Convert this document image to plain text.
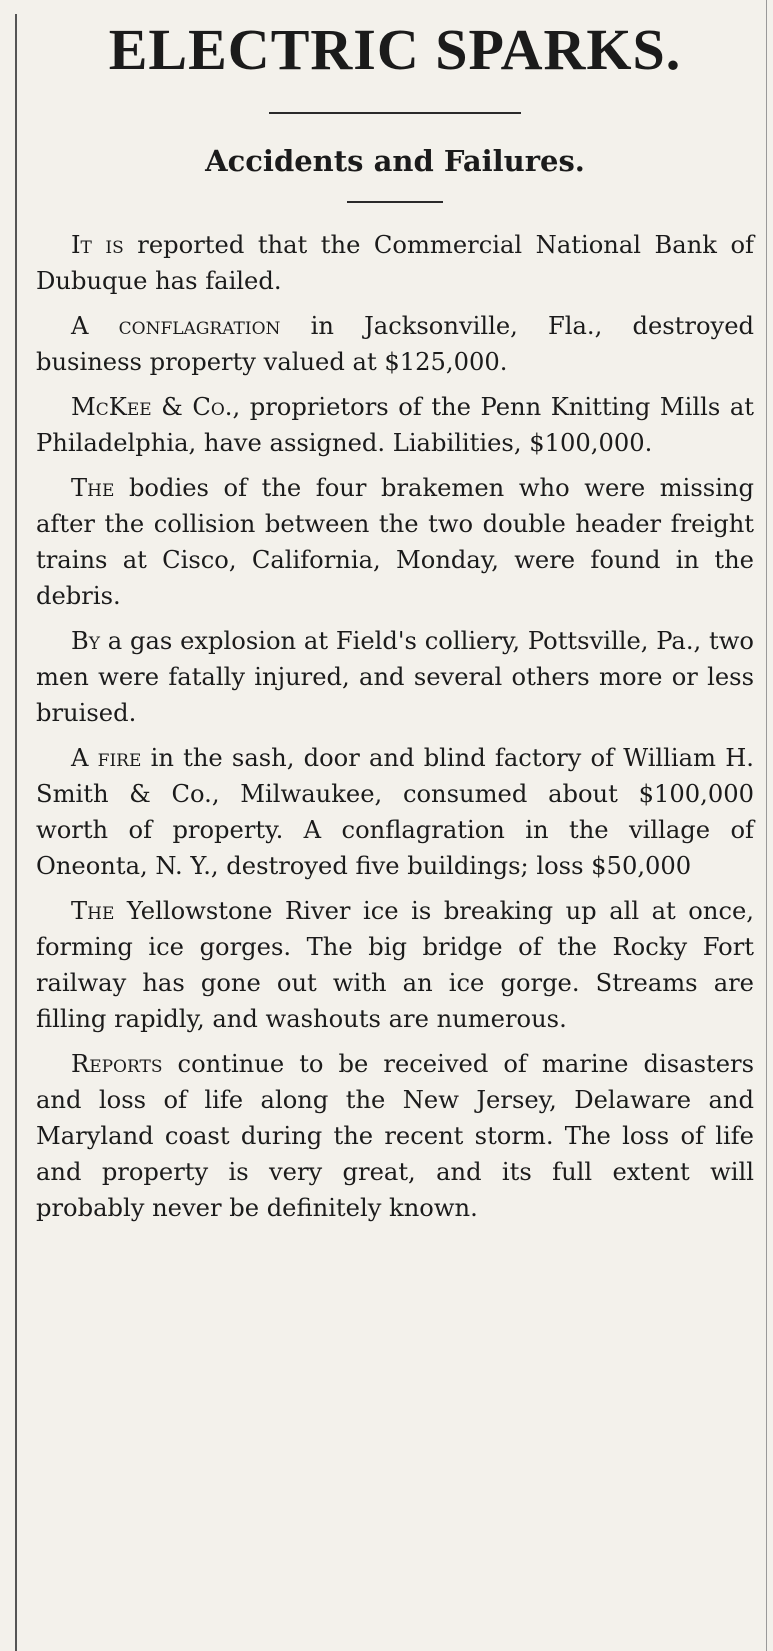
ELECTRIC SPARKS.
Accidents and Failures.

It is reported that the Commercial National Bank of Dubuque has failed.

A conflagration in Jacksonville, Fla., destroyed business property valued at $125,000.

McKee & Co., proprietors of the Penn Knitting Mills at Philadelphia, have assigned. Liabilities, $100,000.

The bodies of the four brakemen who were missing after the collision between the two double header freight trains at Cisco, California, Monday, were found in the debris.

By a gas explosion at Field's colliery, Pottsville, Pa., two men were fatally injured, and several others more or less bruised.

A fire in the sash, door and blind factory of William H. Smith & Co., Milwaukee, consumed about $100,000 worth of property. A conflagration in the village of Oneonta, N. Y., destroyed five buildings; loss $50,000

The Yellowstone River ice is breaking up all at once, forming ice gorges. The big bridge of the Rocky Fort railway has gone out with an ice gorge. Streams are filling rapidly, and washouts are numerous.

Reports continue to be received of marine disasters and loss of life along the New Jersey, Delaware and Maryland coast during the recent storm. The loss of life and property is very great, and its full extent will probably never be definitely known.
